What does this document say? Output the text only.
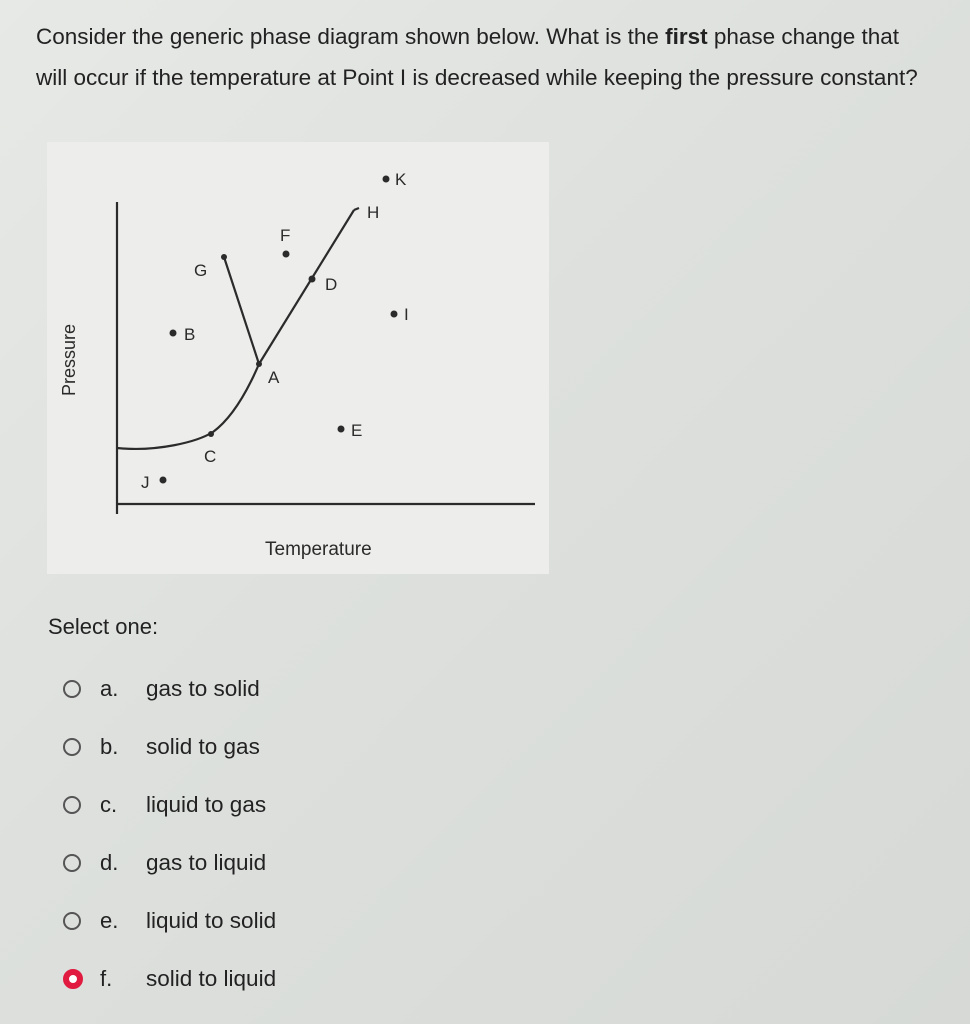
Consider the generic phase diagram shown below. What is the first phase change that will occur if the temperature at Point I is decreased while keeping the pressure constant?
K
H
F
G
D
I
B
A
E
C
J
Temperature
Pressure
Select one:
a. gas to solid
b. solid to gas
c. liquid to gas
d. gas to liquid
e. liquid to solid
f. solid to liquid
